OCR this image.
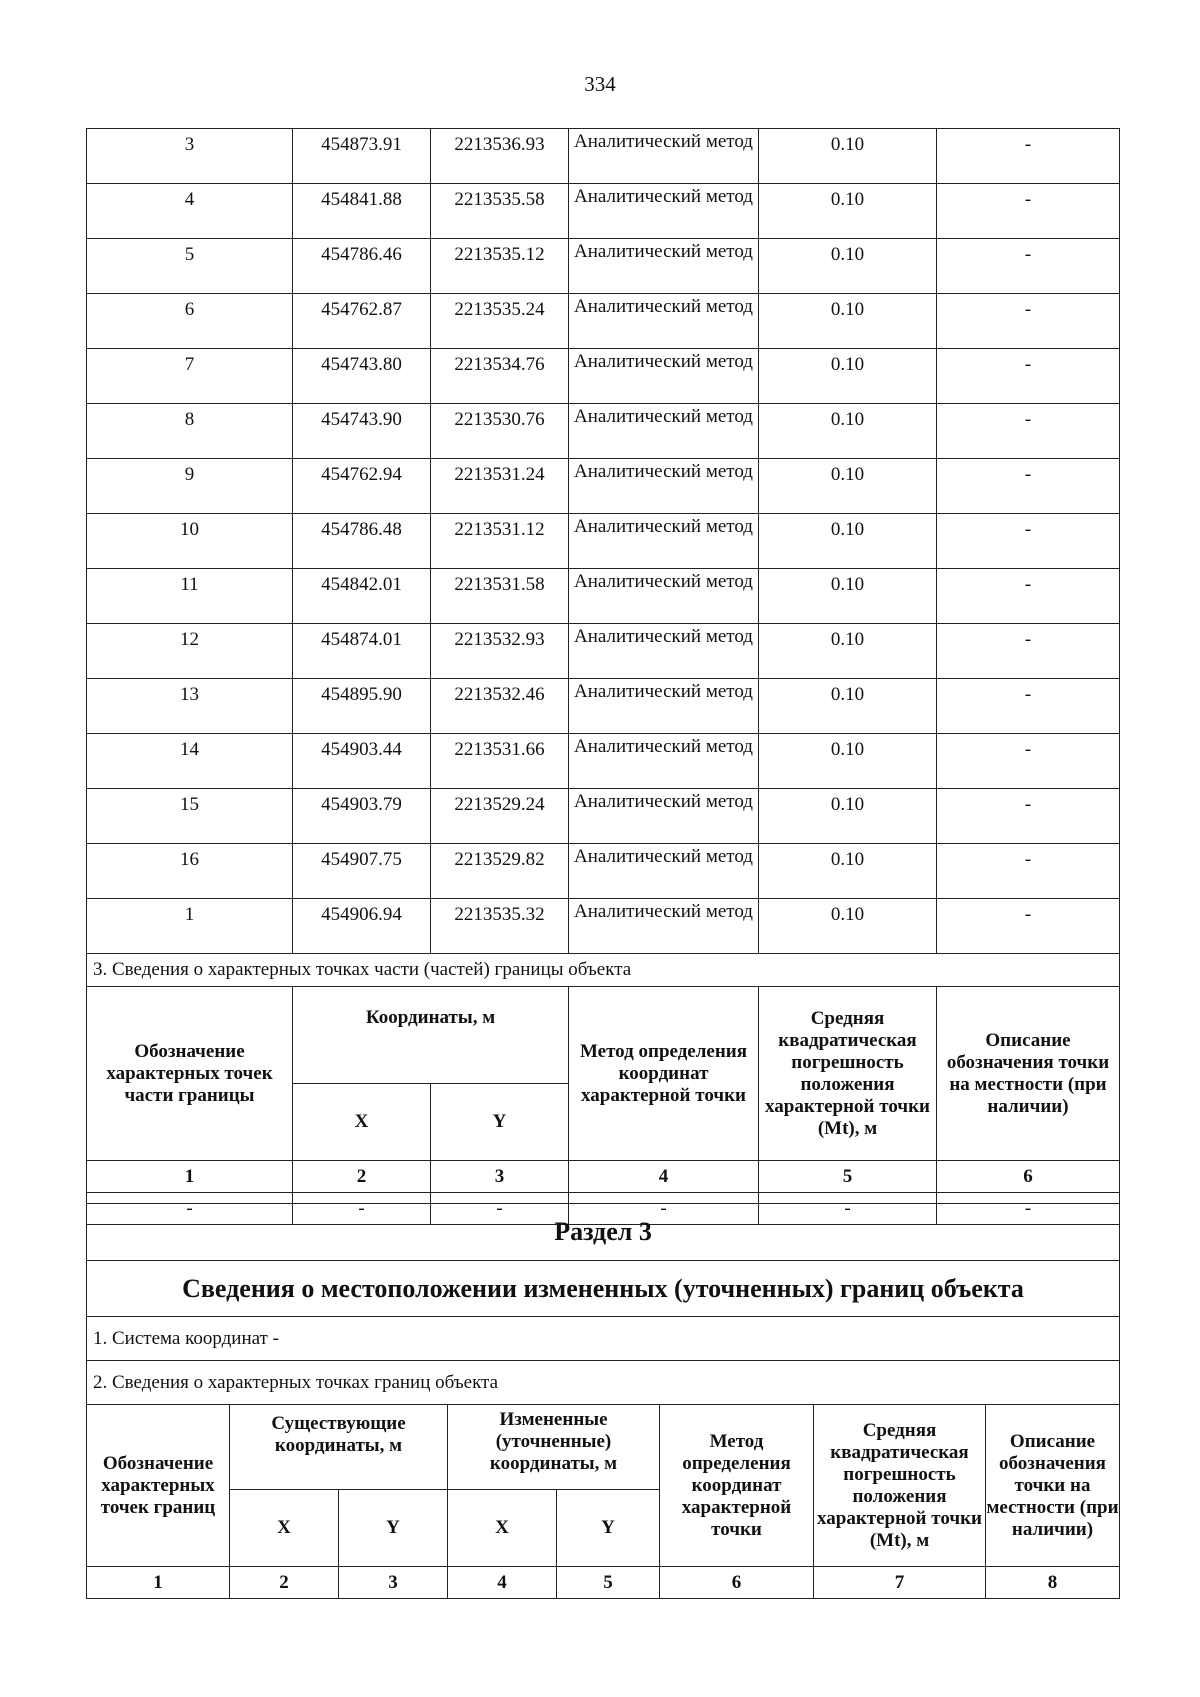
334
3	454873.91	2213536.93	Аналитический метод	0.10	-
4	454841.88	2213535.58	Аналитический метод	0.10	-
5	454786.46	2213535.12	Аналитический метод	0.10	-
6	454762.87	2213535.24	Аналитический метод	0.10	-
7	454743.80	2213534.76	Аналитический метод	0.10	-
8	454743.90	2213530.76	Аналитический метод	0.10	-
9	454762.94	2213531.24	Аналитический метод	0.10	-
10	454786.48	2213531.12	Аналитический метод	0.10	-
11	454842.01	2213531.58	Аналитический метод	0.10	-
12	454874.01	2213532.93	Аналитический метод	0.10	-
13	454895.90	2213532.46	Аналитический метод	0.10	-
14	454903.44	2213531.66	Аналитический метод	0.10	-
15	454903.79	2213529.24	Аналитический метод	0.10	-
16	454907.75	2213529.82	Аналитический метод	0.10	-
1	454906.94	2213535.32	Аналитический метод	0.10	-
3. Сведения о характерных точках части (частей) границы объекта					
Обозначение характерных точек части границы	Координаты, м		Метод определения координат характерной точки	Средняя квадратическая погрешность положения характерной точки (Mt), м	Описание обозначения точки на местности (при наличии)
	X	Y			
1	2	3	4	5	6
-	-	-	-	-	-
Раздел 3							
Сведения о местоположении измененных (уточненных) границ объекта							
1. Система координат -							
2. Сведения о характерных точках границ объекта							
Обозначение характерных точек границ	Существующие координаты, м		Измененные (уточненные) координаты, м		Метод определения координат характерной точки	Средняя квадратическая погрешность положения характерной точки (Mt), м	Описание обозначения точки на местности (при наличии)
	X	Y	X	Y			
1	2	3	4	5	6	7	8
